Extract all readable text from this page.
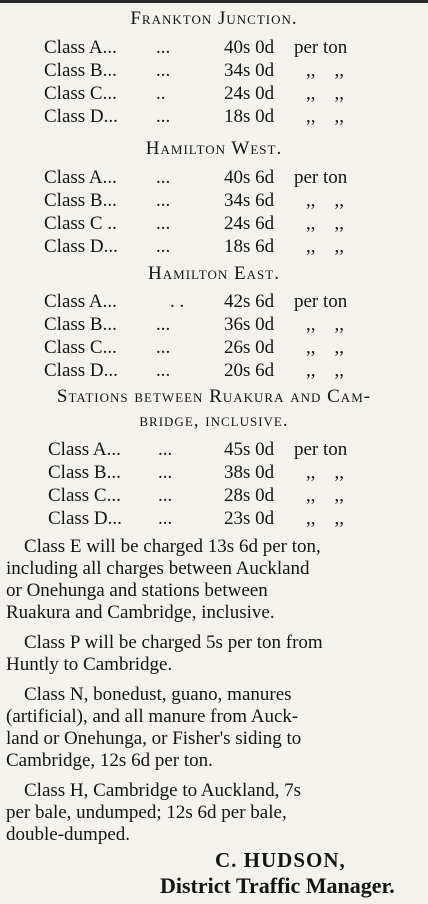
Frankton Junction.
Class A... ...	40s 0d per ton
Class B... ...	34s 0d ,,    ,,
Class C... ..	24s 0d ,,    ,,
Class D... ...	18s 0d ,,    ,,
Hamilton West.
Class A... ...	40s 6d per ton
Class B... ...	34s 6d ,,    ,,
Class C .. ...	24s 6d ,,    ,,
Class D... ...	18s 6d ,,    ,,
Hamilton East.
Class A...	. . 42s 6d per ton
Class B... ...	36s 0d ,,    ,,
Class C... ...	26s 0d ,,    ,,
Class D... ...	20s 6d ,,    ,,
Stations between Ruakura and Cam-
bridge, inclusive.
Class A... ...	45s 0d per ton
Class B... ...	38s 0d ,,    ,,
Class C... ...	28s 0d ,,    ,,
Class D... ...	23s 0d ,,    ,,
Class E will be charged 13s 6d per ton,
including all charges between Auckland
or Onehunga and stations between
Ruakura and Cambridge, inclusive.
Class P will be charged 5s per ton from
Huntly to Cambridge.
Class N, bonedust, guano, manures
(artificial), and all manure from Auck-
land or Onehunga, or Fisher's siding to
Cambridge, 12s 6d per ton.
Class H, Cambridge to Auckland, 7s
per bale, undumped; 12s 6d per bale,
double-dumped.
C. HUDSON,
District Traffic Manager.
